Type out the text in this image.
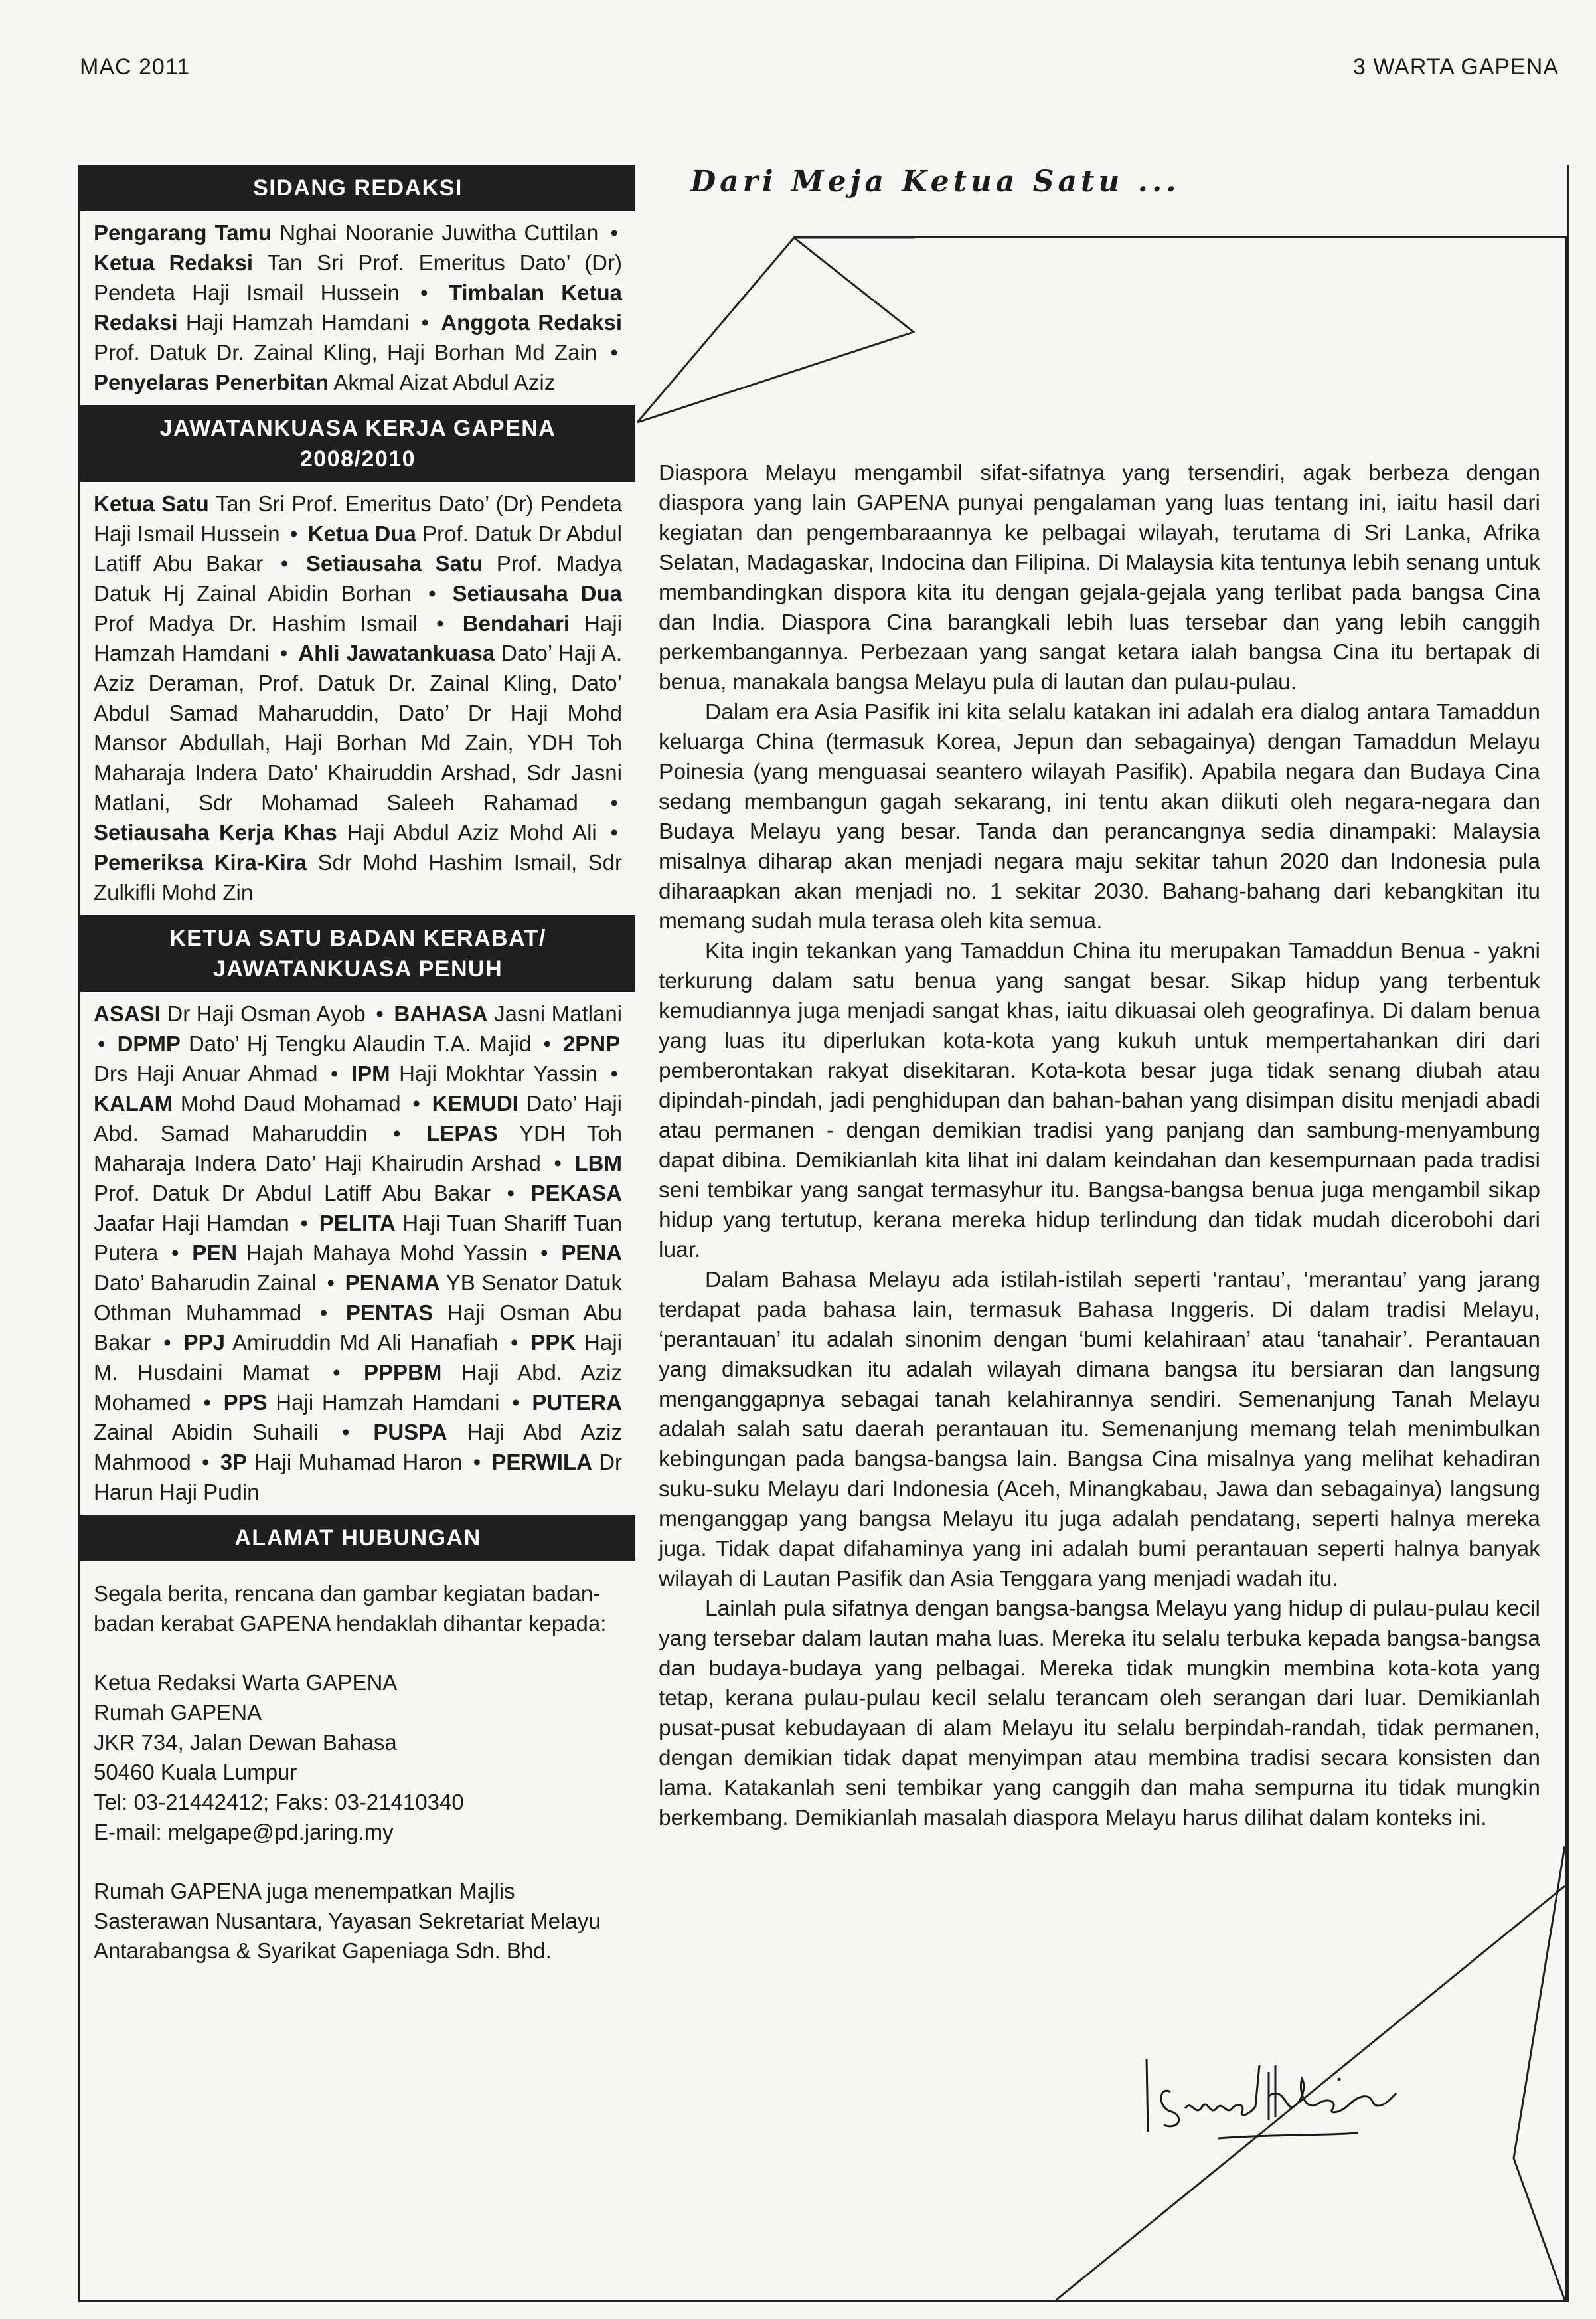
MAC 2011	3 WARTA GAPENA
SIDANG REDAKSI
Pengarang Tamu Nghai Nooranie Juwitha Cuttilan • Ketua Redaksi Tan Sri Prof. Emeritus Dato’ (Dr) Pendeta Haji Ismail Hussein • Timbalan Ketua Redaksi Haji Hamzah Hamdani • Anggota Redaksi Prof. Datuk Dr. Zainal Kling, Haji Borhan Md Zain • Penyelaras Penerbitan Akmal Aizat Abdul Aziz
JAWATANKUASA KERJA GAPENA
2008/2010
Ketua Satu Tan Sri Prof. Emeritus Dato’ (Dr) Pendeta Haji Ismail Hussein • Ketua Dua Prof. Datuk Dr Abdul Latiff Abu Bakar • Setiausaha Satu Prof. Madya Datuk Hj Zainal Abidin Borhan • Setiausaha Dua Prof Madya Dr. Hashim Ismail • Bendahari Haji Hamzah Hamdani • Ahli Jawatankuasa Dato’ Haji A. Aziz Deraman, Prof. Datuk Dr. Zainal Kling, Dato’ Abdul Samad Maharuddin, Dato’ Dr Haji Mohd Mansor Abdullah, Haji Borhan Md Zain, YDH Toh Maharaja Indera Dato’ Khairuddin Arshad, Sdr Jasni Matlani, Sdr Mohamad Saleeh Rahamad • Setiausaha Kerja Khas Haji Abdul Aziz Mohd Ali • Pemeriksa Kira-Kira Sdr Mohd Hashim Ismail, Sdr Zulkifli Mohd Zin
KETUA SATU BADAN KERABAT/
JAWATANKUASA PENUH
ASASI Dr Haji Osman Ayob • BAHASA Jasni Matlani • DPMP Dato’ Hj Tengku Alaudin T.A. Majid • 2PNP Drs Haji Anuar Ahmad • IPM Haji Mokhtar Yassin • KALAM Mohd Daud Mohamad • KEMUDI Dato’ Haji Abd. Samad Maharuddin • LEPAS YDH Toh Maharaja Indera Dato’ Haji Khairudin Arshad • LBM Prof. Datuk Dr Abdul Latiff Abu Bakar • PEKASA Jaafar Haji Hamdan • PELITA Haji Tuan Shariff Tuan Putera • PEN Hajah Mahaya Mohd Yassin • PENA Dato’ Baharudin Zainal • PENAMA YB Senator Datuk Othman Muhammad • PENTAS Haji Osman Abu Bakar • PPJ Amiruddin Md Ali Hanafiah • PPK Haji M. Husdaini Mamat • PPPBM Haji Abd. Aziz Mohamed • PPS Haji Hamzah Hamdani • PUTERA Zainal Abidin Suhaili • PUSPA Haji Abd Aziz Mahmood • 3P Haji Muhamad Haron • PERWILA Dr Harun Haji Pudin
ALAMAT HUBUNGAN

Segala berita, rencana dan gambar kegiatan badan-badan kerabat GAPENA hendaklah dihantar kepada:

Ketua Redaksi Warta GAPENA
Rumah GAPENA
JKR 734, Jalan Dewan Bahasa
50460 Kuala Lumpur
Tel: 03-21442412; Faks: 03-21410340
E-mail: melgape@pd.jaring.my

Rumah GAPENA juga menempatkan Majlis Sasterawan Nusantara, Yayasan Sekretariat Melayu Antarabangsa & Syarikat Gapeniaga Sdn. Bhd.

Dari Meja Ketua Satu ...

Diaspora Melayu mengambil sifat-sifatnya yang tersendiri, agak berbeza dengan diaspora yang lain GAPENA punyai pengalaman yang luas tentang ini, iaitu hasil dari kegiatan dan pengembaraannya ke pelbagai wilayah, terutama di Sri Lanka, Afrika Selatan, Madagaskar, Indocina dan Filipina. Di Malaysia kita tentunya lebih senang untuk membandingkan dispora kita itu dengan gejala-gejala yang terlibat pada bangsa Cina dan India. Diaspora Cina barangkali lebih luas tersebar dan yang lebih canggih perkembangannya. Perbezaan yang sangat ketara ialah bangsa Cina itu bertapak di benua, manakala bangsa Melayu pula di lautan dan pulau-pulau.

Dalam era Asia Pasifik ini kita selalu katakan ini adalah era dialog antara Tamaddun keluarga China (termasuk Korea, Jepun dan sebagainya) dengan Tamaddun Melayu Poinesia (yang menguasai seantero wilayah Pasifik). Apabila negara dan Budaya Cina sedang membangun gagah sekarang, ini tentu akan diikuti oleh negara-negara dan Budaya Melayu yang besar. Tanda dan perancangnya sedia dinampaki: Malaysia misalnya diharap akan menjadi negara maju sekitar tahun 2020 dan Indonesia pula diharaapkan akan menjadi no. 1 sekitar 2030. Bahang-bahang dari kebangkitan itu memang sudah mula terasa oleh kita semua.

Kita ingin tekankan yang Tamaddun China itu merupakan Tamaddun Benua - yakni terkurung dalam satu benua yang sangat besar. Sikap hidup yang terbentuk kemudiannya juga menjadi sangat khas, iaitu dikuasai oleh geografinya. Di dalam benua yang luas itu diperlukan kota-kota yang kukuh untuk mempertahankan diri dari pemberontakan rakyat disekitaran. Kota-kota besar juga tidak senang diubah atau dipindah-pindah, jadi penghidupan dan bahan-bahan yang disimpan disitu menjadi abadi atau permanen - dengan demikian tradisi yang panjang dan sambung-menyambung dapat dibina. Demikianlah kita lihat ini dalam keindahan dan kesempurnaan pada tradisi seni tembikar yang sangat termasyhur itu. Bangsa-bangsa benua juga mengambil sikap hidup yang tertutup, kerana mereka hidup terlindung dan tidak mudah dicerobohi dari luar.

Dalam Bahasa Melayu ada istilah-istilah seperti ‘rantau’, ‘merantau’ yang jarang terdapat pada bahasa lain, termasuk Bahasa Inggeris. Di dalam tradisi Melayu, ‘perantauan’ itu adalah sinonim dengan ‘bumi kelahiraan’ atau ‘tanahair’. Perantauan yang dimaksudkan itu adalah wilayah dimana bangsa itu bersiaran dan langsung menganggapnya sebagai tanah kelahirannya sendiri. Semenanjung Tanah Melayu adalah salah satu daerah perantauan itu. Semenanjung memang telah menimbulkan kebingungan pada bangsa-bangsa lain. Bangsa Cina misalnya yang melihat kehadiran suku-suku Melayu dari Indonesia (Aceh, Minangkabau, Jawa dan sebagainya) langsung menganggap yang bangsa Melayu itu juga adalah pendatang, seperti halnya mereka juga. Tidak dapat difahaminya yang ini adalah bumi perantauan seperti halnya banyak wilayah di Lautan Pasifik dan Asia Tenggara yang menjadi wadah itu.

Lainlah pula sifatnya dengan bangsa-bangsa Melayu yang hidup di pulau-pulau kecil yang tersebar dalam lautan maha luas. Mereka itu selalu terbuka kepada bangsa-bangsa dan budaya-budaya yang pelbagai. Mereka tidak mungkin membina kota-kota yang tetap, kerana pulau-pulau kecil selalu terancam oleh serangan dari luar. Demikianlah pusat-pusat kebudayaan di alam Melayu itu selalu berpindah-randah, tidak permanen, dengan demikian tidak dapat menyimpan atau membina tradisi secara konsisten dan lama. Katakanlah seni tembikar yang canggih dan maha sempurna itu tidak mungkin berkembang. Demikianlah masalah diaspora Melayu harus dilihat dalam konteks ini.
